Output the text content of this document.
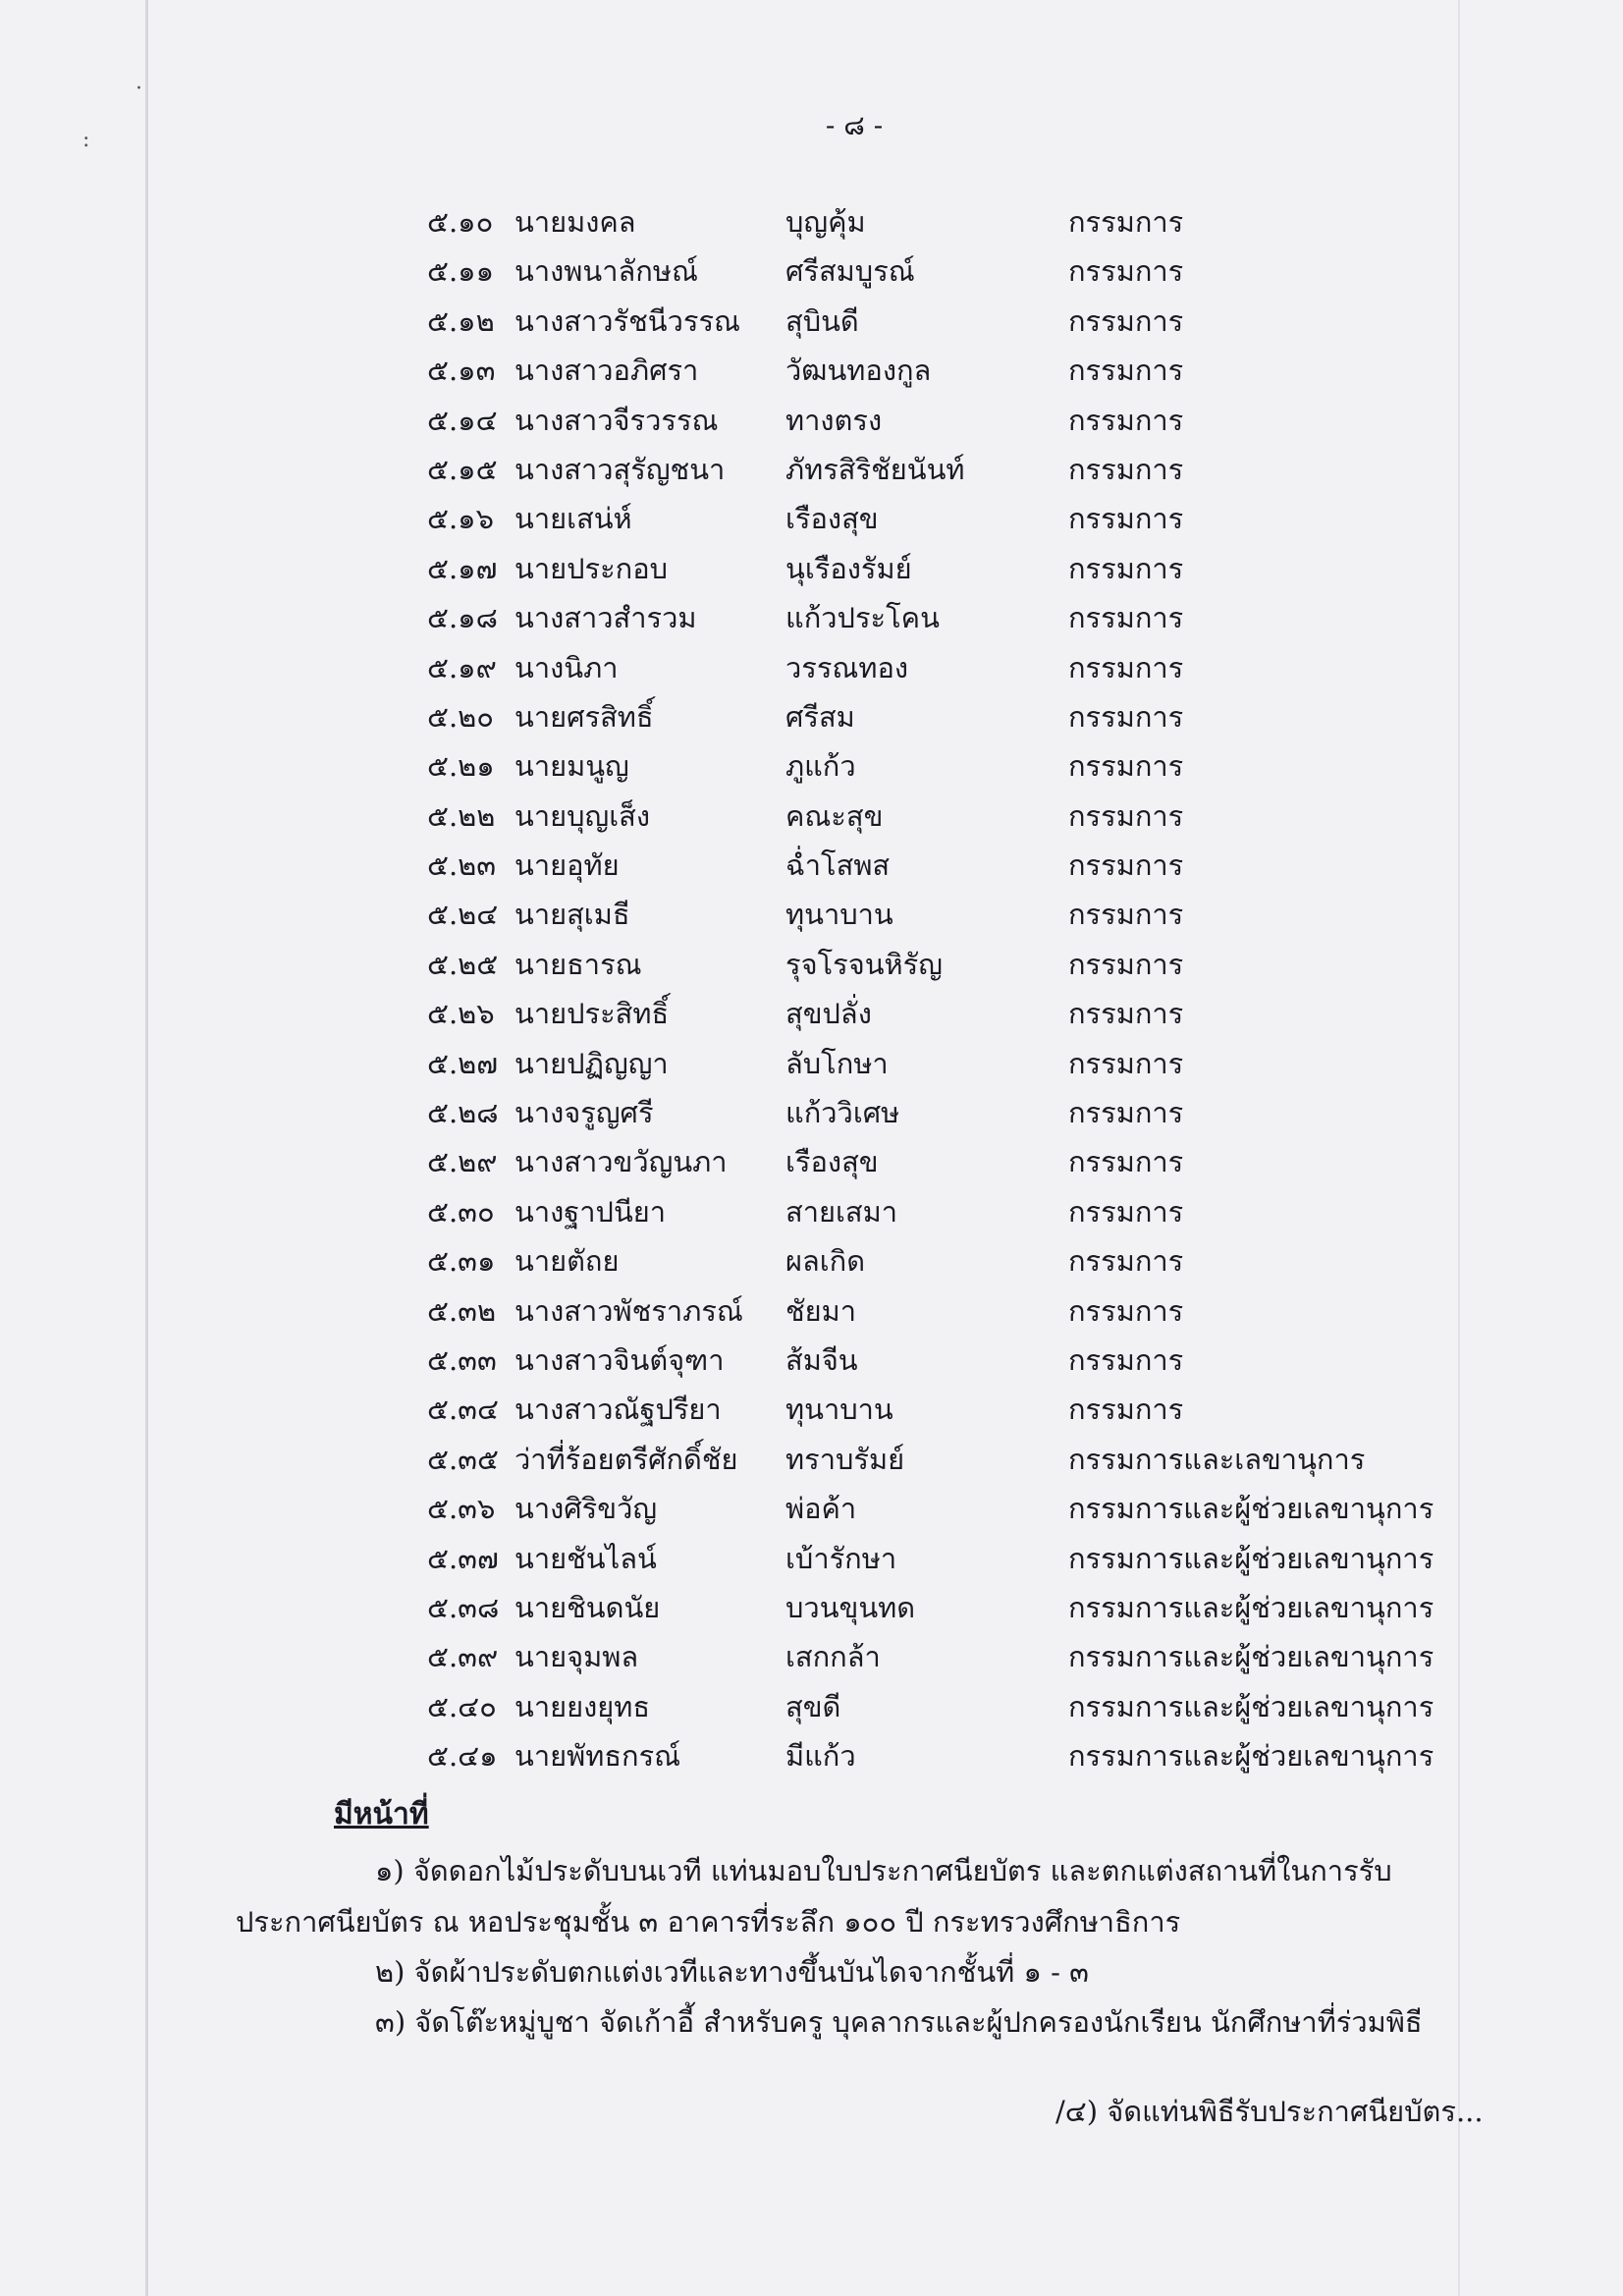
·
:	- ๘ -
๕.๑๐ นายมงคล	บุญคุ้ม	กรรมการ
๕.๑๑ นางพนาลักษณ์	ศรีสมบูรณ์	กรรมการ
๕.๑๒ นางสาวรัชนีวรรณ	สุบินดี	กรรมการ
๕.๑๓ นางสาวอภิศรา	วัฒนทองกูล	กรรมการ
๕.๑๔ นางสาวจีรวรรณ	ทางตรง	กรรมการ
๕.๑๕ นางสาวสุรัญชนา	ภัทรสิริชัยนันท์	กรรมการ
๕.๑๖ นายเสน่ห์	เรืองสุข	กรรมการ
๕.๑๗ นายประกอบ	นุเรืองรัมย์	กรรมการ
๕.๑๘ นางสาวสำรวม	แก้วประโคน	กรรมการ
๕.๑๙ นางนิภา	วรรณทอง	กรรมการ
๕.๒๐ นายศรสิทธิ์	ศรีสม	กรรมการ
๕.๒๑ นายมนูญ	ภูแก้ว	กรรมการ
๕.๒๒ นายบุญเส็ง	คณะสุข	กรรมการ
๕.๒๓ นายอุทัย	ฉ่ำโสพส	กรรมการ
๕.๒๔ นายสุเมธี	ทุนาบาน	กรรมการ
๕.๒๕ นายธารณ	รุจโรจนหิรัญ	กรรมการ
๕.๒๖ นายประสิทธิ์	สุขปลั่ง	กรรมการ
๕.๒๗ นายปฏิญญา	ลับโกษา	กรรมการ
๕.๒๘ นางจรูญศรี	แก้ววิเศษ	กรรมการ
๕.๒๙ นางสาวขวัญนภา	เรืองสุข	กรรมการ
๕.๓๐ นางฐาปนียา	สายเสมา	กรรมการ
๕.๓๑ นายตัถย	ผลเกิด	กรรมการ
๕.๓๒ นางสาวพัชราภรณ์	ชัยมา	กรรมการ
๕.๓๓ นางสาวจินต์จุฑา	ส้มจีน	กรรมการ
๕.๓๔ นางสาวณัฐปรียา	ทุนาบาน	กรรมการ
๕.๓๕ ว่าที่ร้อยตรีศักดิ์ชัย	ทราบรัมย์	กรรมการและเลขานุการ
๕.๓๖ นางศิริขวัญ	พ่อค้า	กรรมการและผู้ช่วยเลขานุการ
๕.๓๗ นายชันไลน์	เบ้ารักษา	กรรมการและผู้ช่วยเลขานุการ
๕.๓๘ นายชินดนัย	บวนขุนทด	กรรมการและผู้ช่วยเลขานุการ
๕.๓๙ นายจุมพล	เสกกล้า	กรรมการและผู้ช่วยเลขานุการ
๕.๔๐ นายยงยุทธ	สุขดี	กรรมการและผู้ช่วยเลขานุการ
๕.๔๑ นายพัทธกรณ์	มีแก้ว	กรรมการและผู้ช่วยเลขานุการ
มีหน้าที่
๑) จัดดอกไม้ประดับบนเวที แท่นมอบใบประกาศนียบัตร และตกแต่งสถานที่ในการรับ
ประกาศนียบัตร ณ หอประชุมชั้น ๓ อาคารที่ระลึก ๑๐๐ ปี กระทรวงศึกษาธิการ
๒) จัดผ้าประดับตกแต่งเวทีและทางขึ้นบันไดจากชั้นที่ ๑ - ๓
๓) จัดโต๊ะหมู่บูชา จัดเก้าอี้ สำหรับครู บุคลากรและผู้ปกครองนักเรียน นักศึกษาที่ร่วมพิธี
/๔) จัดแท่นพิธีรับประกาศนียบัตร...
